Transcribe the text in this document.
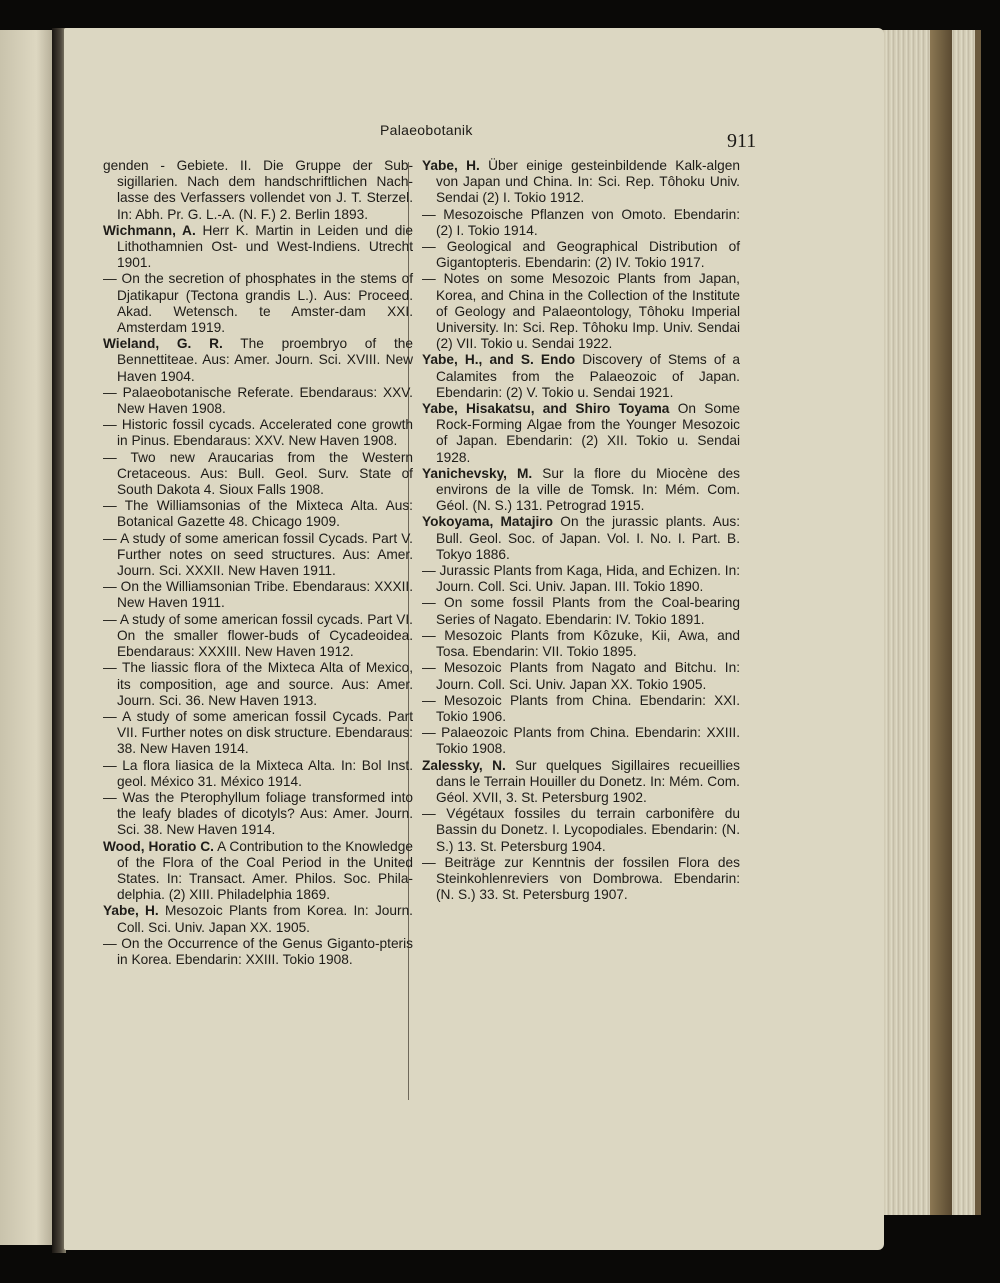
Palaeobotanik	911

genden - Gebiete. II. Die Gruppe der Sub-sigillarien. Nach dem handschriftlichen Nach-lasse des Verfassers vollendet von J. T. Sterzel. In: Abh. Pr. G. L.-A. (N. F.) 2. Berlin 1893.

Wichmann, A. Herr K. Martin in Leiden und die Lithothamnien Ost- und West-Indiens. Utrecht 1901.

— On the secretion of phosphates in the stems of Djatikapur (Tectona grandis L.). Aus: Proceed. Akad. Wetensch. te Amster-dam XXI. Amsterdam 1919.

Wieland, G. R. The proembryo of the Bennettiteae. Aus: Amer. Journ. Sci. XVIII. New Haven 1904.

— Palaeobotanische Referate. Ebendaraus: XXV. New Haven 1908.

— Historic fossil cycads. Accelerated cone growth in Pinus. Ebendaraus: XXV. New Haven 1908.

— Two new Araucarias from the Western Cretaceous. Aus: Bull. Geol. Surv. State of South Dakota 4. Sioux Falls 1908.

— The Williamsonias of the Mixteca Alta. Aus: Botanical Gazette 48. Chicago 1909.

— A study of some american fossil Cycads. Part V. Further notes on seed structures. Aus: Amer. Journ. Sci. XXXII. New Haven 1911.

— On the Williamsonian Tribe. Ebendaraus: XXXII. New Haven 1911.

— A study of some american fossil cycads. Part VI. On the smaller flower-buds of Cycadeoidea. Ebendaraus: XXXIII. New Haven 1912.

— The liassic flora of the Mixteca Alta of Mexico, its composition, age and source. Aus: Amer. Journ. Sci. 36. New Haven 1913.

— A study of some american fossil Cycads. Part VII. Further notes on disk structure. Ebendaraus: 38. New Haven 1914.

— La flora liasica de la Mixteca Alta. In: Bol Inst. geol. México 31. México 1914.

— Was the Pterophyllum foliage transformed into the leafy blades of dicotyls? Aus: Amer. Journ. Sci. 38. New Haven 1914.

Wood, Horatio C. A Contribution to the Knowledge of the Flora of the Coal Period in the United States. In: Transact. Amer. Philos. Soc. Phila-delphia. (2) XIII. Philadelphia 1869.

Yabe, H. Mesozoic Plants from Korea. In: Journ. Coll. Sci. Univ. Japan XX. 1905.

— On the Occurrence of the Genus Giganto-pteris in Korea. Ebendarin: XXIII. Tokio 1908.

Yabe, H. Über einige gesteinbildende Kalk-algen von Japan und China. In: Sci. Rep. Tôhoku Univ. Sendai (2) I. Tokio 1912.

— Mesozoische Pflanzen von Omoto. Ebendarin: (2) I. Tokio 1914.

— Geological and Geographical Distribution of Gigantopteris. Ebendarin: (2) IV. Tokio 1917.

— Notes on some Mesozoic Plants from Japan, Korea, and China in the Collection of the Institute of Geology and Palaeontology, Tôhoku Imperial University. In: Sci. Rep. Tôhoku Imp. Univ. Sendai (2) VII. Tokio u. Sendai 1922.

Yabe, H., and S. Endo Discovery of Stems of a Calamites from the Palaeozoic of Japan. Ebendarin: (2) V. Tokio u. Sendai 1921.

Yabe, Hisakatsu, and Shiro Toyama On Some Rock-Forming Algae from the Younger Mesozoic of Japan. Ebendarin: (2) XII. Tokio u. Sendai 1928.

Yanichevsky, M. Sur la flore du Miocène des environs de la ville de Tomsk. In: Mém. Com. Géol. (N. S.) 131. Petrograd 1915.

Yokoyama, Matajiro On the jurassic plants. Aus: Bull. Geol. Soc. of Japan. Vol. I. No. I. Part. B. Tokyo 1886.

— Jurassic Plants from Kaga, Hida, and Echizen. In: Journ. Coll. Sci. Univ. Japan. III. Tokio 1890.

— On some fossil Plants from the Coal-bearing Series of Nagato. Ebendarin: IV. Tokio 1891.

— Mesozoic Plants from Kôzuke, Kii, Awa, and Tosa. Ebendarin: VII. Tokio 1895.

— Mesozoic Plants from Nagato and Bitchu. In: Journ. Coll. Sci. Univ. Japan XX. Tokio 1905.

— Mesozoic Plants from China. Ebendarin: XXI. Tokio 1906.

— Palaeozoic Plants from China. Ebendarin: XXIII. Tokio 1908.

Zalessky, N. Sur quelques Sigillaires recueillies dans le Terrain Houiller du Donetz. In: Mém. Com. Géol. XVII, 3. St. Petersburg 1902.

— Végétaux fossiles du terrain carbonifère du Bassin du Donetz. I. Lycopodiales. Ebendarin: (N. S.) 13. St. Petersburg 1904.

— Beiträge zur Kenntnis der fossilen Flora des Steinkohlenreviers von Dombrowa. Ebendarin: (N. S.) 33. St. Petersburg 1907.
